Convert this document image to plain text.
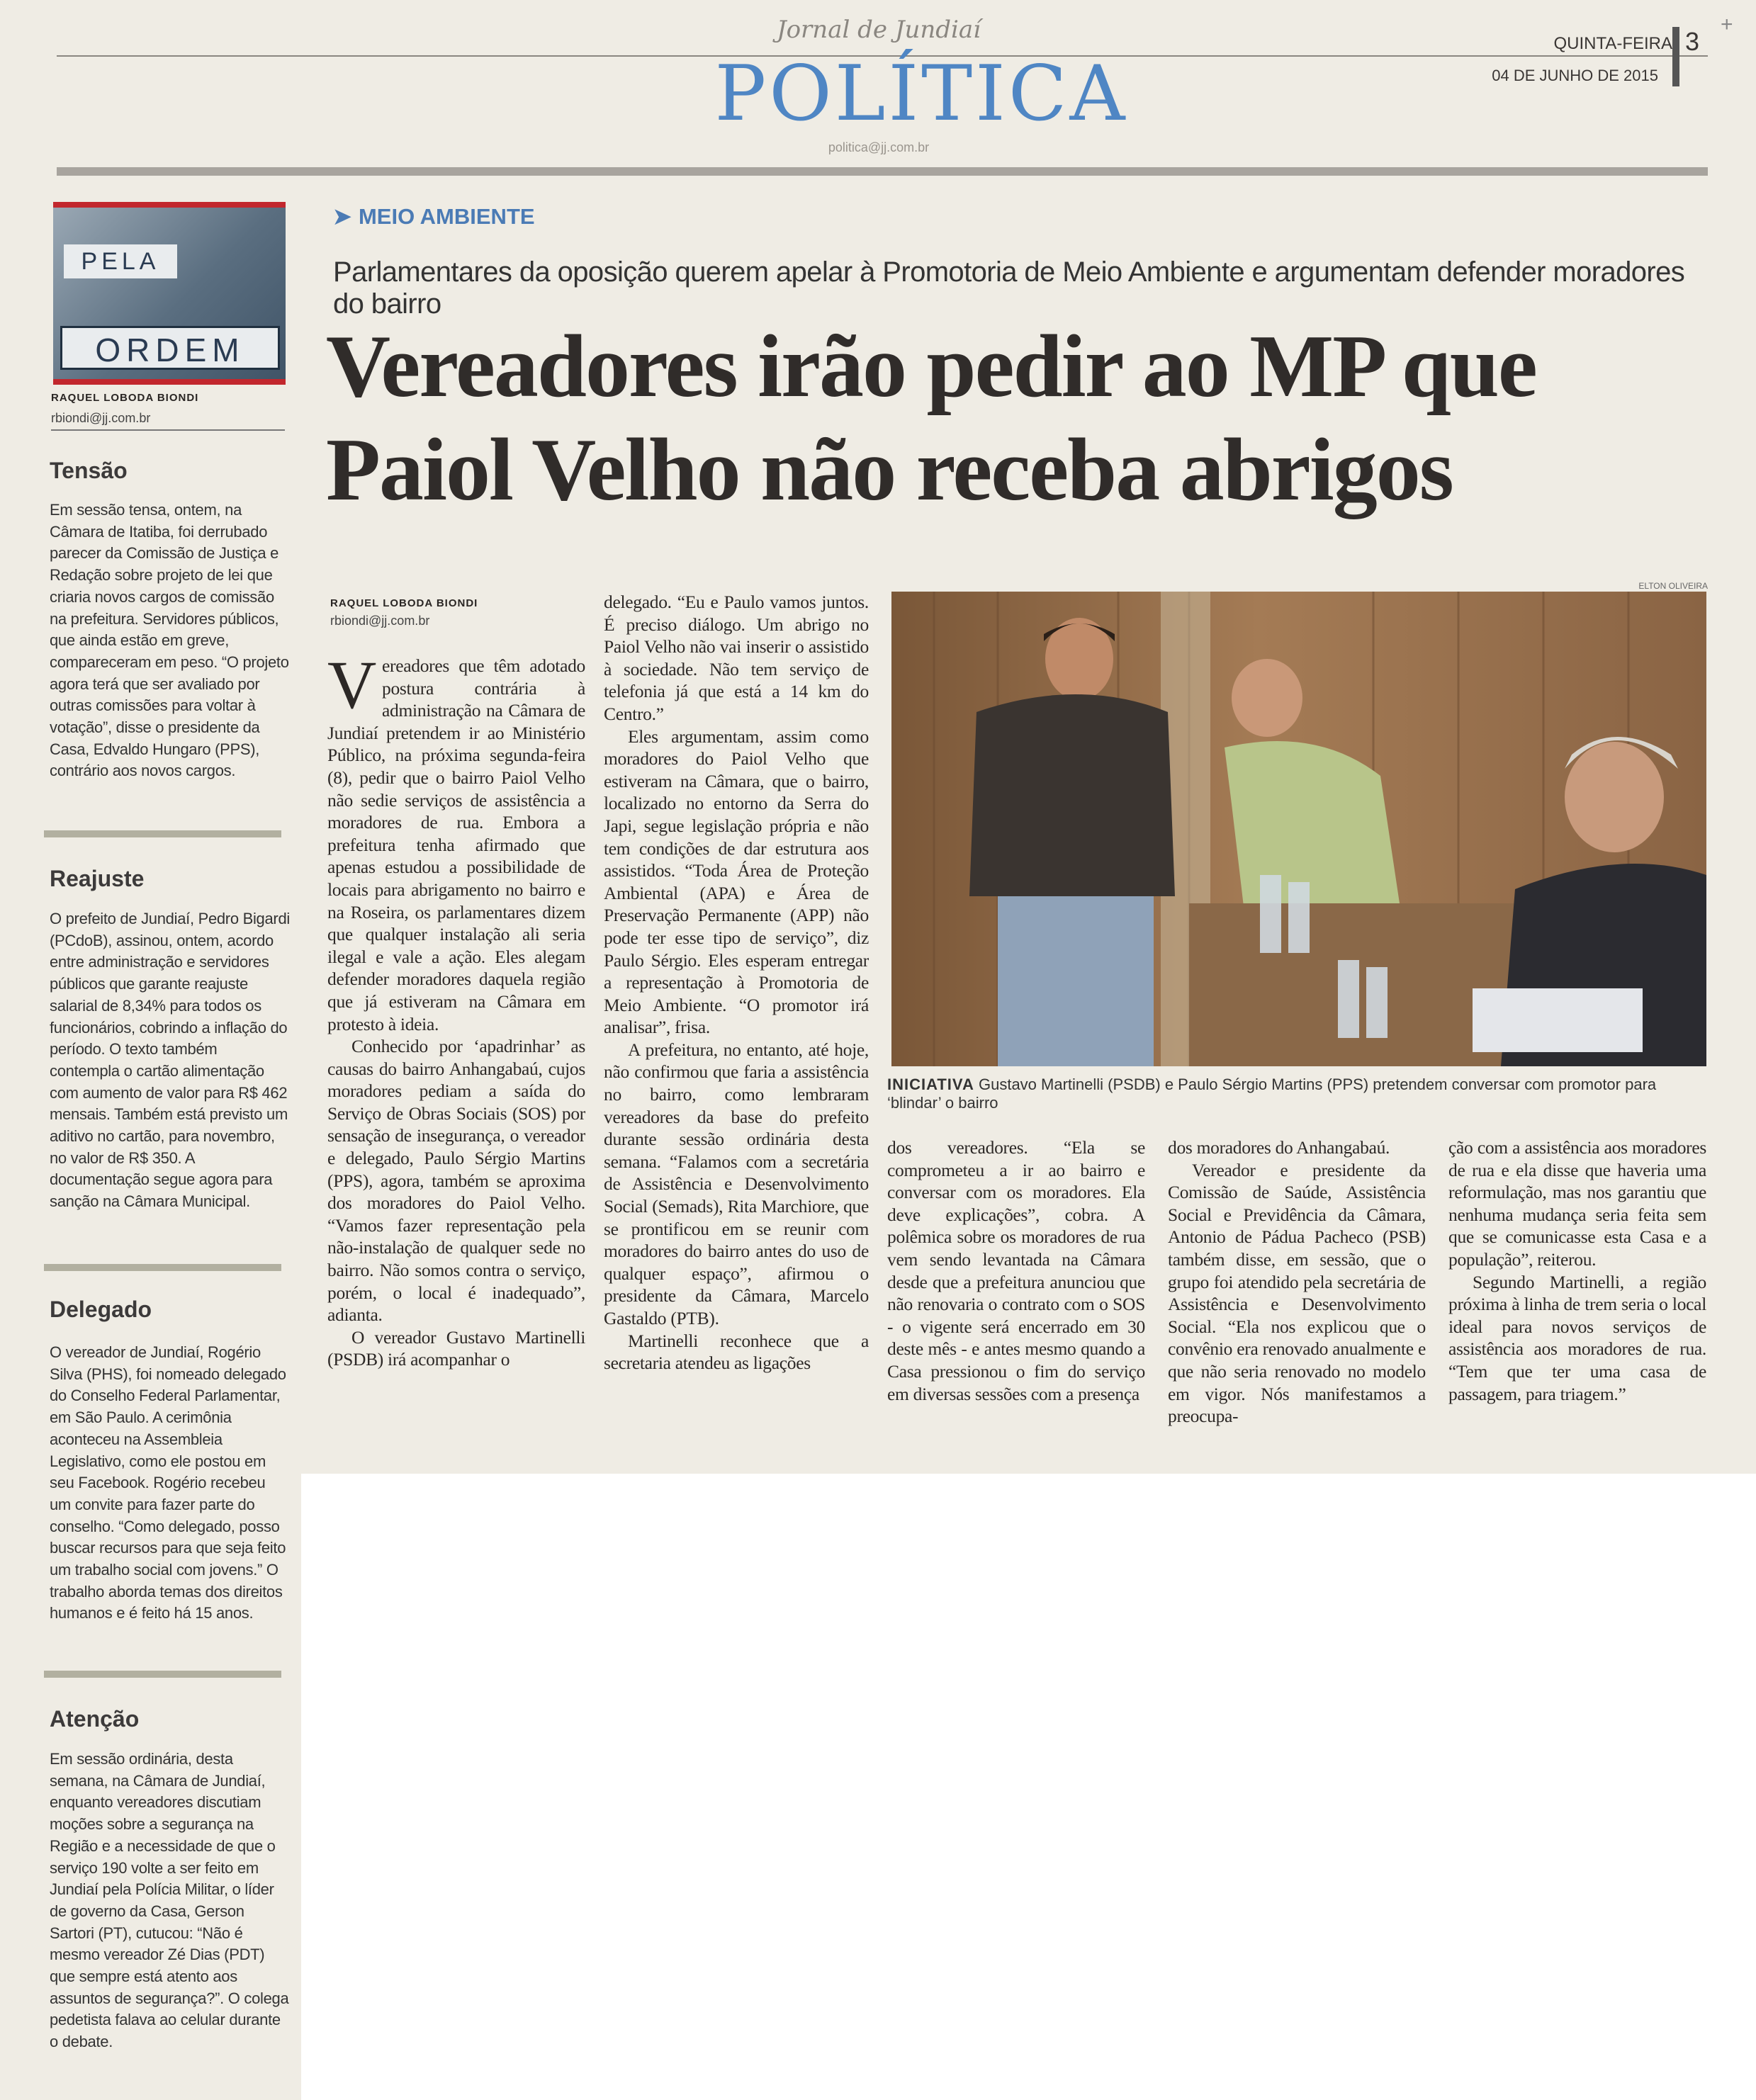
Jornal de Jundiaí
POLÍTICA
politica@jj.com.br
QUINTA-FEIRA
04 DE JUNHO DE 2015
3
+
PELA
ORDEM
RAQUEL LOBODA BIONDI
rbiondi@jj.com.br
Tensão
Em sessão tensa, ontem, na Câmara de Itatiba, foi derrubado parecer da Comissão de Justiça e Redação sobre projeto de lei que criaria novos cargos de comissão na prefeitura. Servidores públicos, que ainda estão em greve, compareceram em peso. “O projeto agora terá que ser avaliado por outras comissões para voltar à votação”, disse o presidente da Casa, Edvaldo Hungaro (PPS), contrário aos novos cargos.
Reajuste
O prefeito de Jundiaí, Pedro Bigardi (PCdoB), assinou, ontem, acordo entre administração e servidores públicos que garante reajuste salarial de 8,34% para todos os funcionários, cobrindo a inflação do período. O texto também contempla o cartão alimentação com aumento de valor para R$ 462 mensais. Também está previsto um aditivo no cartão, para novembro, no valor de R$ 350. A documentação segue agora para sanção na Câmara Municipal.
Delegado
O vereador de Jundiaí, Rogério Silva (PHS), foi nomeado delegado do Conselho Federal Parlamentar, em São Paulo. A cerimônia aconteceu na Assembleia Legislativo, como ele postou em seu Facebook. Rogério recebeu um convite para fazer parte do conselho. “Como delegado, posso buscar recursos para que seja feito um trabalho social com jovens.” O trabalho aborda temas dos direitos humanos e é feito há 15 anos.
Atenção
Em sessão ordinária, desta semana, na Câmara de Jundiaí, enquanto vereadores discutiam moções sobre a segurança na Região e a necessidade de que o serviço 190 volte a ser feito em Jundiaí pela Polícia Militar, o líder de governo da Casa, Gerson Sartori (PT), cutucou: “Não é mesmo vereador Zé Dias (PDT) que sempre está atento aos assuntos de segurança?”. O colega pedetista falava ao celular durante o debate.
➤ MEIO AMBIENTE
Parlamentares da oposição querem apelar à Promotoria de Meio Ambiente e argumentam defender moradores do bairro
Vereadores irão pedir ao MP que
Paiol Velho não receba abrigos
RAQUEL LOBODA BIONDI
rbiondi@jj.com.br

Vereadores que têm adotado postura contrária à administração na Câmara de Jundiaí pretendem ir ao Ministério Público, na próxima segunda-feira (8), pedir que o bairro Paiol Velho não sedie serviços de assistência a moradores de rua. Embora a prefeitura tenha afirmado que apenas estudou a possibilidade de locais para abrigamento no bairro e na Roseira, os parlamentares dizem que qualquer instalação ali seria ilegal e vale a ação. Eles alegam defender moradores daquela região que já estiveram na Câmara em protesto à ideia.

Conhecido por ‘apadrinhar’ as causas do bairro Anhangabaú, cujos moradores pediam a saída do Serviço de Obras Sociais (SOS) por sensação de insegurança, o vereador e delegado, Paulo Sérgio Martins (PPS), agora, também se aproxima dos moradores do Paiol Velho. “Vamos fazer representação pela não-instalação de qualquer sede no bairro. Não somos contra o serviço, porém, o local é inadequado”, adianta.

O vereador Gustavo Martinelli (PSDB) irá acompanhar o

delegado. “Eu e Paulo vamos juntos. É preciso diálogo. Um abrigo no Paiol Velho não vai inserir o assistido à sociedade. Não tem serviço de telefonia já que está a 14 km do Centro.”

Eles argumentam, assim como moradores do Paiol Velho que estiveram na Câmara, que o bairro, localizado no entorno da Serra do Japi, segue legislação própria e não tem condições de dar estrutura aos assistidos. “Toda Área de Proteção Ambiental (APA) e Área de Preservação Permanente (APP) não pode ter esse tipo de serviço”, diz Paulo Sérgio. Eles esperam entregar a representação à Promotoria de Meio Ambiente. “O promotor irá analisar”, frisa.

A prefeitura, no entanto, até hoje, não confirmou que faria a assistência no bairro, como lembraram vereadores da base do prefeito durante sessão ordinária desta semana. “Falamos com a secretária de Assistência e Desenvolvimento Social (Semads), Rita Marchiore, que se prontificou em se reunir com moradores do bairro antes do uso de qualquer espaço”, afirmou o presidente da Câmara, Marcelo Gastaldo (PTB).

Martinelli reconhece que a secretaria atendeu as ligações

ELTON OLIVEIRA
INICIATIVA Gustavo Martinelli (PSDB) e Paulo Sérgio Martins (PPS) pretendem conversar com promotor para ‘blindar’ o bairro

dos vereadores. “Ela se comprometeu a ir ao bairro e conversar com os moradores. Ela deve explicações”, cobra. A polêmica sobre os moradores de rua vem sendo levantada na Câmara desde que a prefeitura anunciou que não renovaria o contrato com o SOS - o vigente será encerrado em 30 deste mês - e antes mesmo quando a Casa pressionou o fim do serviço em diversas sessões com a presença

dos moradores do Anhangabaú.

Vereador e presidente da Comissão de Saúde, Assistência Social e Previdência da Câmara, Antonio de Pádua Pacheco (PSB) também disse, em sessão, que o grupo foi atendido pela secretária de Assistência e Desenvolvimento Social. “Ela nos explicou que o convênio era renovado anualmente e que não seria renovado no modelo em vigor. Nós manifestamos a preocupa-

ção com a assistência aos moradores de rua e ela disse que haveria uma reformulação, mas nos garantiu que nenhuma mudança seria feita sem que se comunicasse esta Casa e a população”, reiterou.

Segundo Martinelli, a região próxima à linha de trem seria o local ideal para novos serviços de assistência aos moradores de rua. “Tem que ter uma casa de passagem, para triagem.”
